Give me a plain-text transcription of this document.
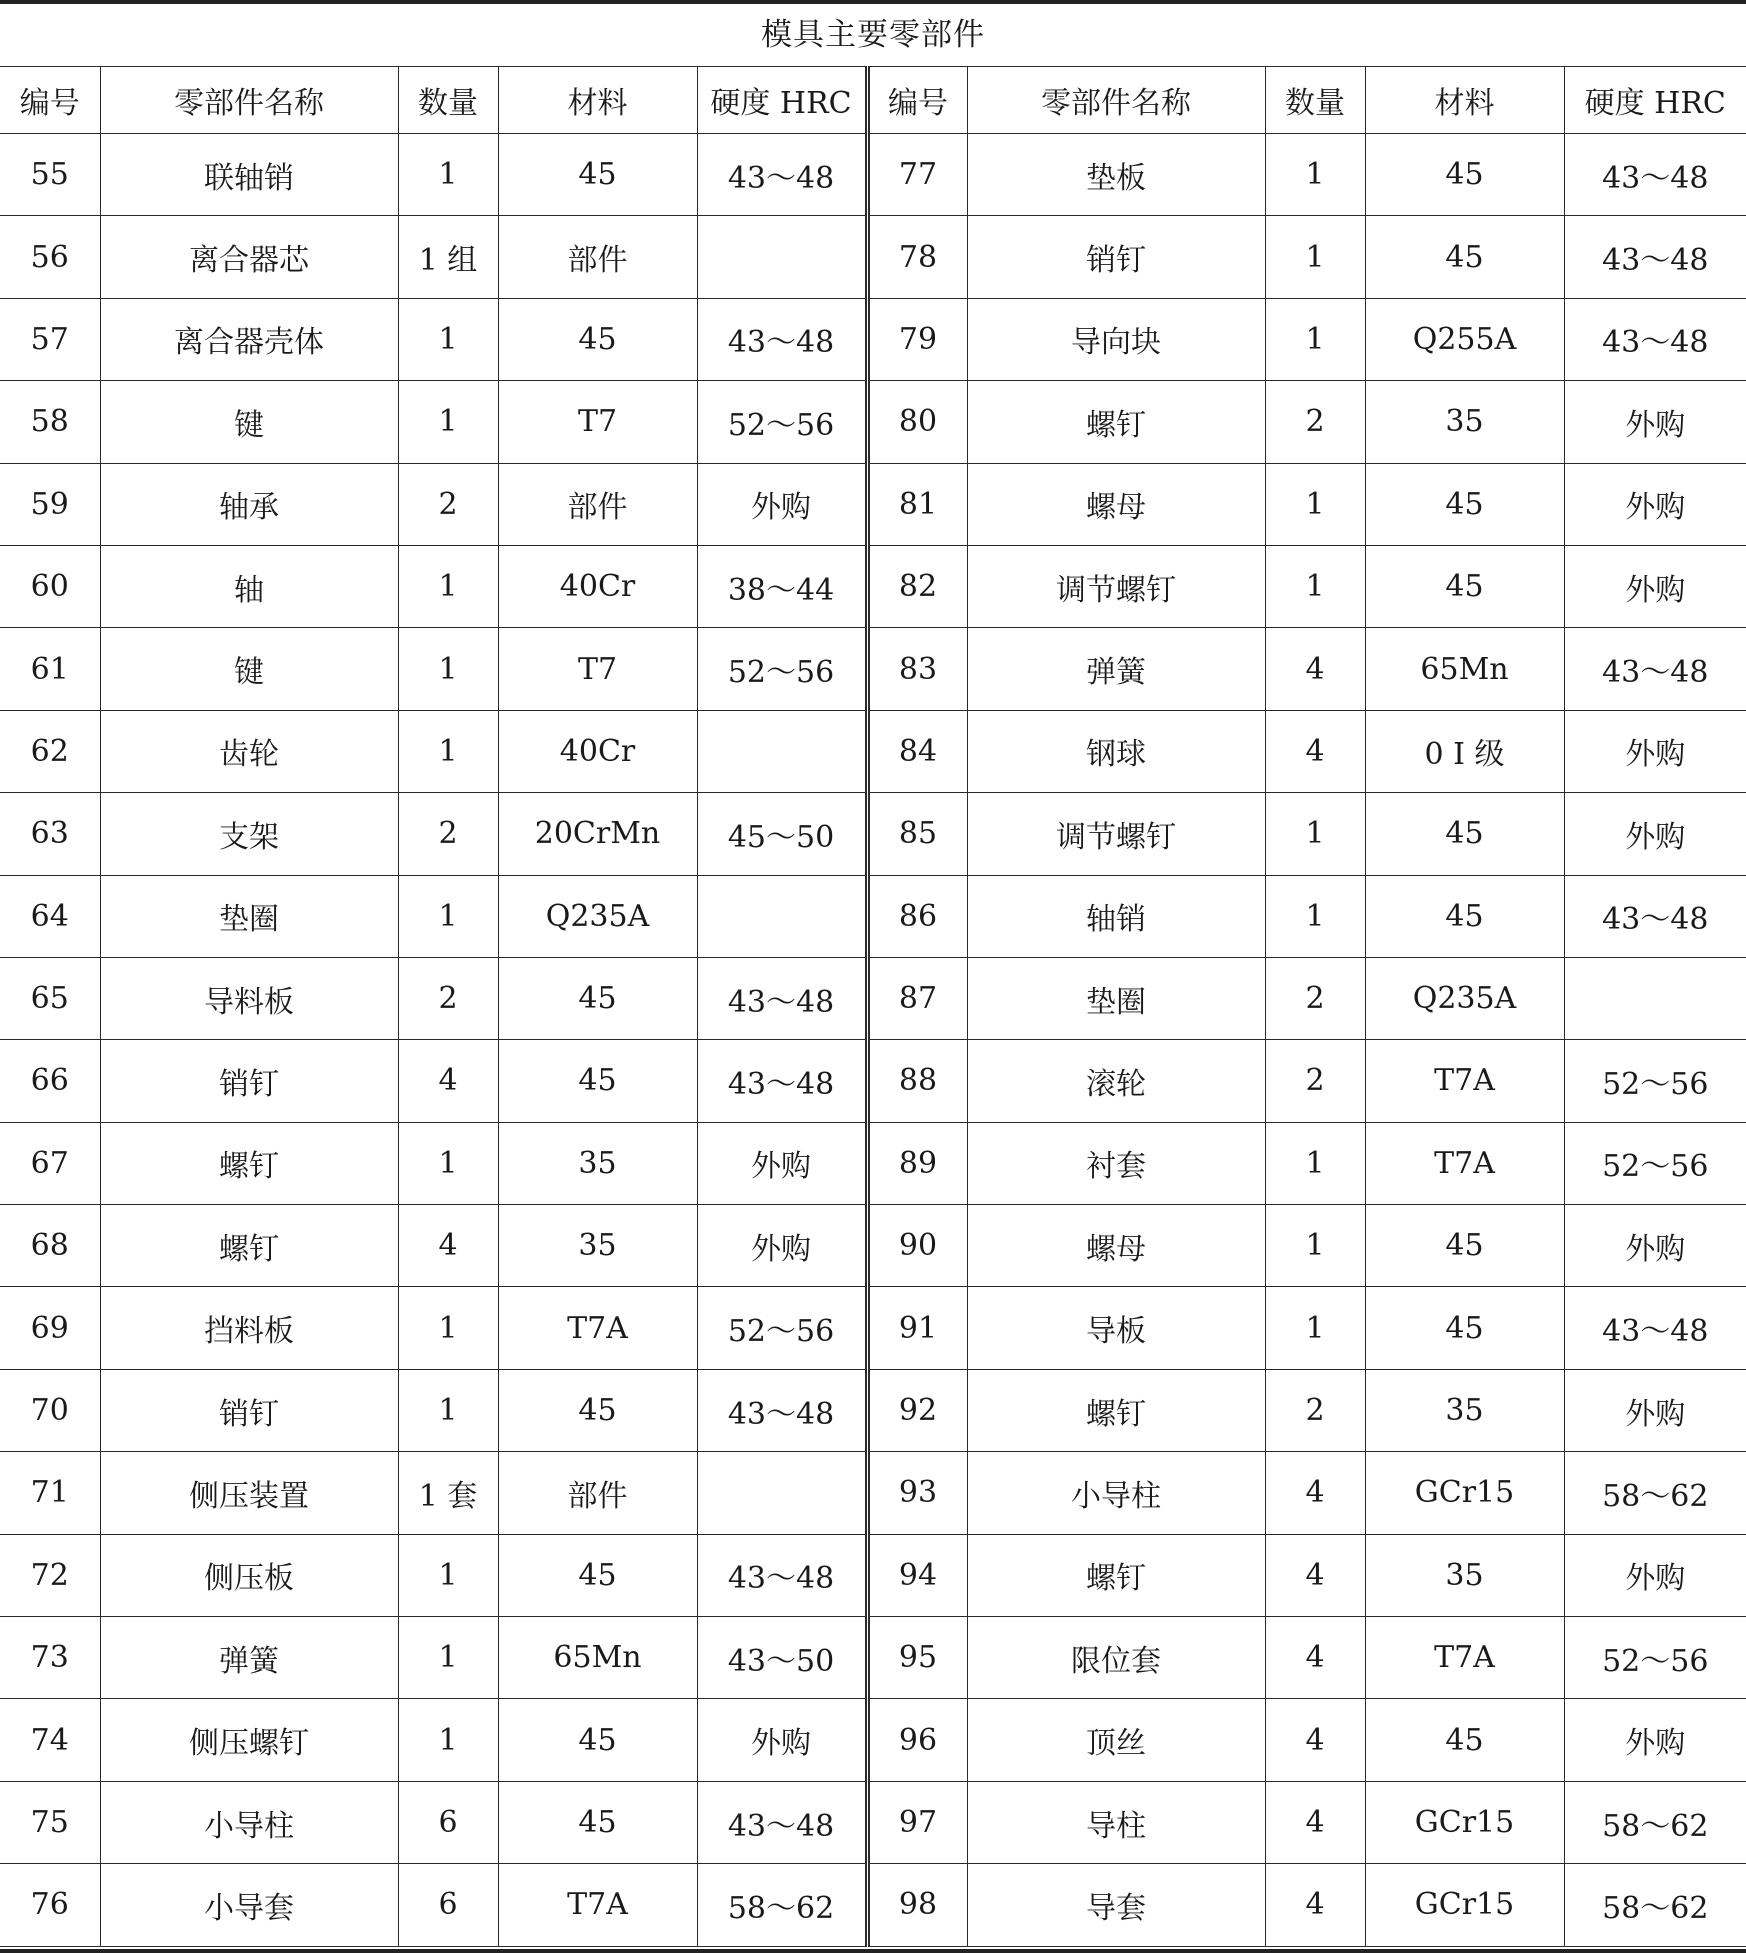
模具主要零部件
编号	零部件名称	数量	材料	硬度 HRC	编号	零部件名称	数量	材料	硬度 HRC
55	联轴销	1	45	43～48	77	垫板	1	45	43～48
56	离合器芯	1 组	部件		78	销钉	1	45	43～48
57	离合器壳体	1	45	43～48	79	导向块	1	Q255A	43～48
58	键	1	T7	52～56	80	螺钉	2	35	外购
59	轴承	2	部件	外购	81	螺母	1	45	外购
60	轴	1	40Cr	38～44	82	调节螺钉	1	45	外购
61	键	1	T7	52～56	83	弹簧	4	65Mn	43～48
62	齿轮	1	40Cr		84	钢球	4	0 Ⅰ 级	外购
63	支架	2	20CrMn	45～50	85	调节螺钉	1	45	外购
64	垫圈	1	Q235A		86	轴销	1	45	43～48
65	导料板	2	45	43～48	87	垫圈	2	Q235A	
66	销钉	4	45	43～48	88	滚轮	2	T7A	52～56
67	螺钉	1	35	外购	89	衬套	1	T7A	52～56
68	螺钉	4	35	外购	90	螺母	1	45	外购
69	挡料板	1	T7A	52～56	91	导板	1	45	43～48
70	销钉	1	45	43～48	92	螺钉	2	35	外购
71	侧压装置	1 套	部件		93	小导柱	4	GCr15	58～62
72	侧压板	1	45	43～48	94	螺钉	4	35	外购
73	弹簧	1	65Mn	43～50	95	限位套	4	T7A	52～56
74	侧压螺钉	1	45	外购	96	顶丝	4	45	外购
75	小导柱	6	45	43～48	97	导柱	4	GCr15	58～62
76	小导套	6	T7A	58～62	98	导套	4	GCr15	58～62
